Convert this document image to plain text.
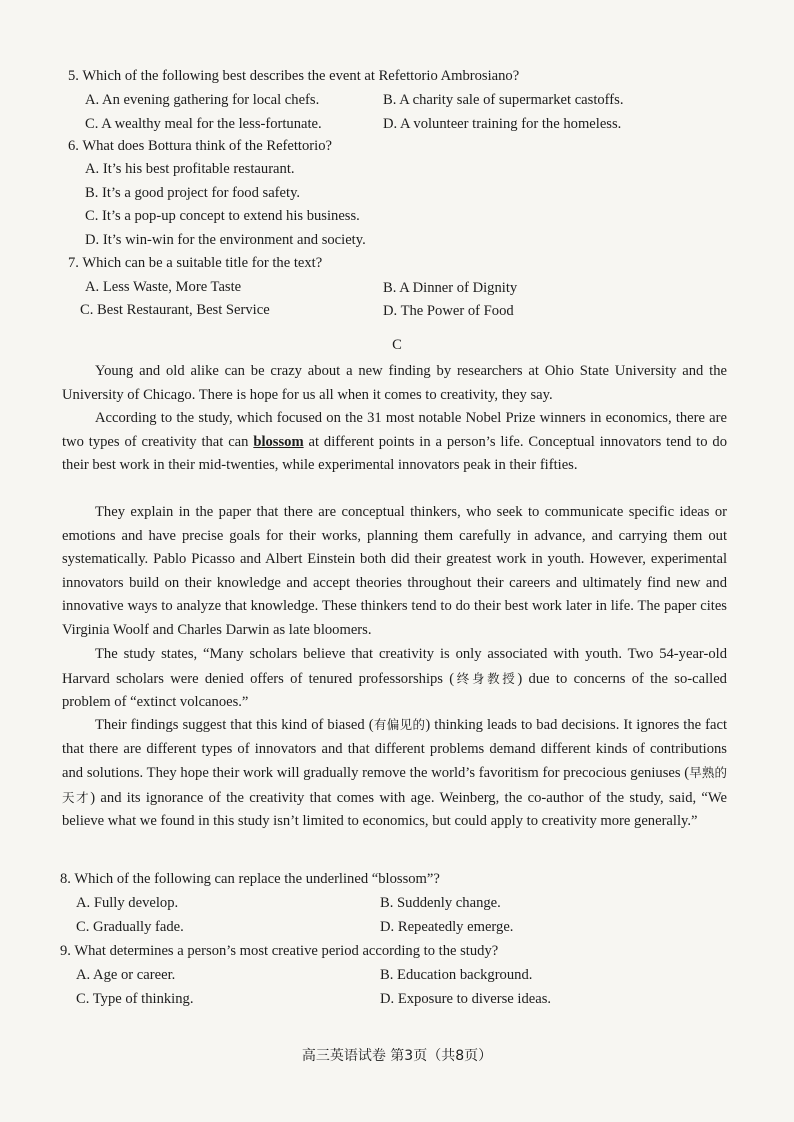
5. Which of the following best describes the event at Refettorio Ambrosiano?
A. An evening gathering for local chefs.	B. A charity sale of supermarket castoffs.
C. A wealthy meal for the less-fortunate.	D. A volunteer training for the homeless.
6. What does Bottura think of the Refettorio?
A. It’s his best profitable restaurant.
B. It’s a good project for food safety.
C. It’s a pop-up concept to extend his business.
D. It’s win-win for the environment and society.
7. Which can be a suitable title for the text?
A. Less Waste, More Taste	B. A Dinner of Dignity
C. Best Restaurant, Best Service	D. The Power of Food
C

Young and old alike can be crazy about a new finding by researchers at Ohio State University and the University of Chicago. There is hope for us all when it comes to creativity, they say.

According to the study, which focused on the 31 most notable Nobel Prize winners in economics, there are two types of creativity that can blossom at different points in a person’s life. Conceptual innovators tend to do their best work in their mid-twenties, while experimental innovators peak in their fifties.

They explain in the paper that there are conceptual thinkers, who seek to communicate specific ideas or emotions and have precise goals for their works, planning them carefully in advance, and carrying them out systematically. Pablo Picasso and Albert Einstein both did their greatest work in youth. However, experimental innovators build on their knowledge and accept theories throughout their careers and ultimately find new and innovative ways to analyze that knowledge. These thinkers tend to do their best work later in life. The paper cites Virginia Woolf and Charles Darwin as late bloomers.

The study states, “Many scholars believe that creativity is only associated with youth. Two 54-year-old Harvard scholars were denied offers of tenured professorships (终身教授) due to concerns of the so-called problem of “extinct volcanoes.”

Their findings suggest that this kind of biased (有偏见的) thinking leads to bad decisions. It ignores the fact that there are different types of innovators and that different problems demand different kinds of contributions and solutions. They hope their work will gradually remove the world’s favoritism for precocious geniuses (早熟的天才) and its ignorance of the creativity that comes with age. Weinberg, the co-author of the study, said, “We believe what we found in this study isn’t limited to economics, but could apply to creativity more generally.”

8. Which of the following can replace the underlined “blossom”?
A. Fully develop.	B. Suddenly change.
C. Gradually fade.	D. Repeatedly emerge.
9. What determines a person’s most creative period according to the study?
A. Age or career.	B. Education background.
C. Type of thinking.	D. Exposure to diverse ideas.
高三英语试卷 第3页（共8页）
